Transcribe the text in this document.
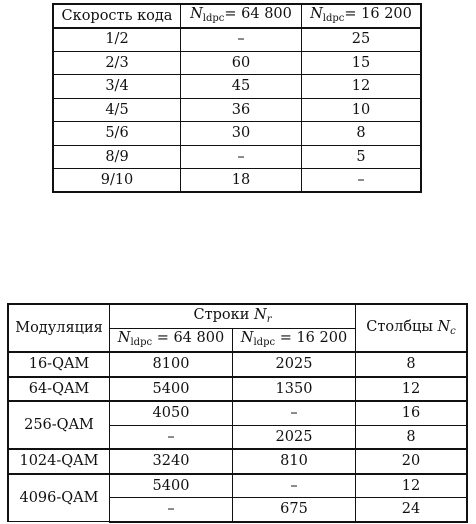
Скорость кода	$N_{ldpc}= 64$ 800	$N_{ldpc}= 16$ 200
1/2	–	25
2/3	60	15
3/4	45	12
4/5	36	10
5/6	30	8
8/9	–	5
9/10	18	–
Модуляция	Строки $N_r$		Столбцы $N_c$
	$N_{ldpc} = 64$ 800	$N_{ldpc} = 16$ 200	
16-QAM	8100	2025	8
64-QAM	5400	1350	12
256-QAM	4050	–	16
	–	2025	8
1024-QAM	3240	810	20
4096-QAM	5400	–	12
	–	675	24
